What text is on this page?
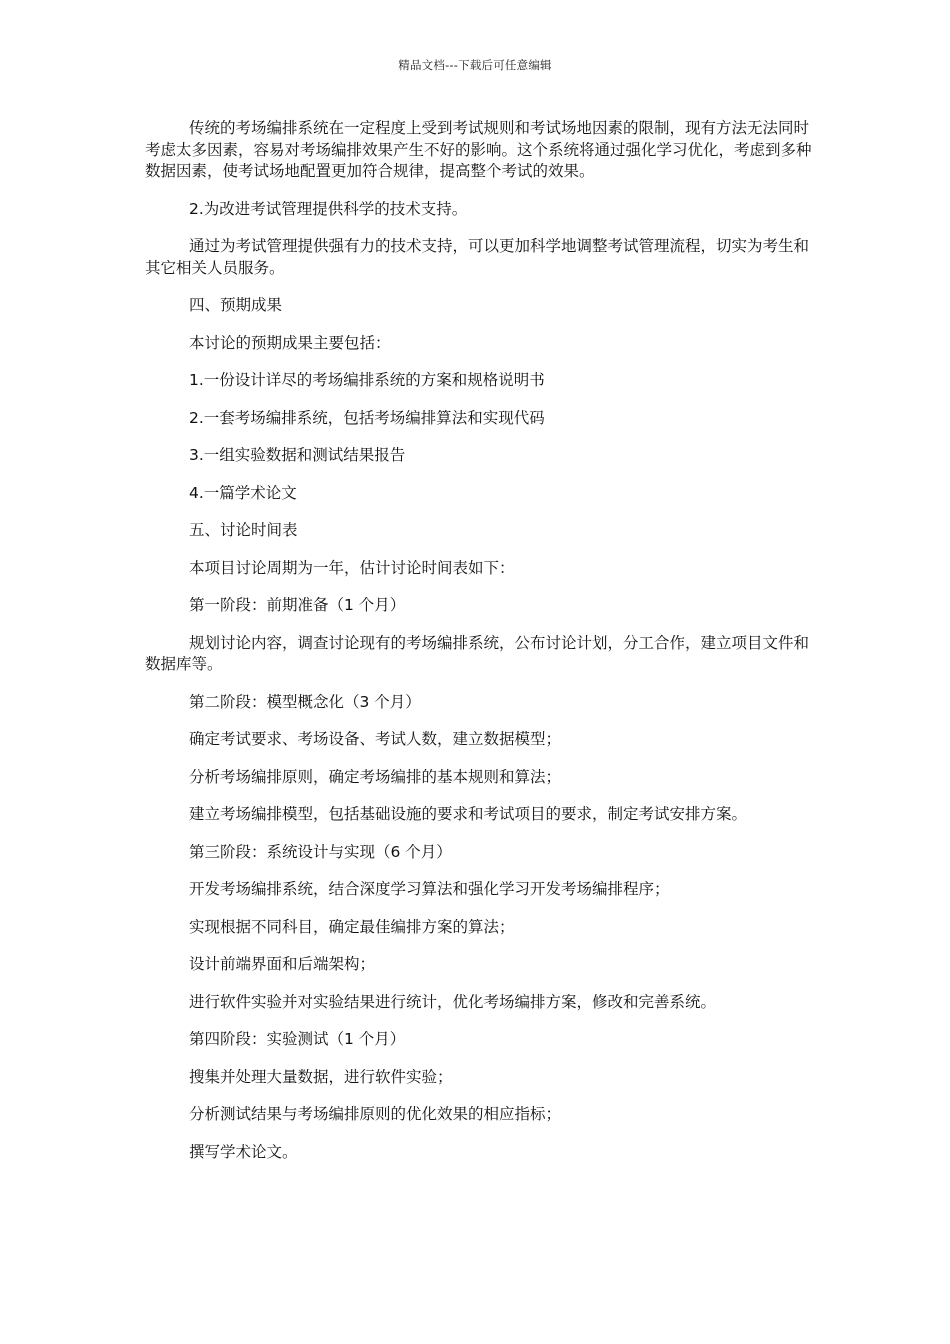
精品文档---下载后可任意编辑

传统的考场编排系统在一定程度上受到考试规则和考试场地因素的限制，现有方法无法同时考虑太多因素，容易对考场编排效果产生不好的影响。这个系统将通过强化学习优化，考虑到多种数据因素，使考试场地配置更加符合规律，提高整个考试的效果。

2.为改进考试管理提供科学的技术支持。

通过为考试管理提供强有力的技术支持，可以更加科学地调整考试管理流程，切实为考生和其它相关人员服务。

四、预期成果

本讨论的预期成果主要包括：

1.一份设计详尽的考场编排系统的方案和规格说明书

2.一套考场编排系统，包括考场编排算法和实现代码

3.一组实验数据和测试结果报告

4.一篇学术论文

五、讨论时间表

本项目讨论周期为一年，估计讨论时间表如下：

第一阶段：前期准备（1 个月）

规划讨论内容，调查讨论现有的考场编排系统，公布讨论计划，分工合作，建立项目文件和数据库等。

第二阶段：模型概念化（3 个月）

确定考试要求、考场设备、考试人数，建立数据模型；

分析考场编排原则，确定考场编排的基本规则和算法；

建立考场编排模型，包括基础设施的要求和考试项目的要求，制定考试安排方案。

第三阶段：系统设计与实现（6 个月）

开发考场编排系统，结合深度学习算法和强化学习开发考场编排程序；

实现根据不同科目，确定最佳编排方案的算法；

设计前端界面和后端架构；

进行软件实验并对实验结果进行统计，优化考场编排方案，修改和完善系统。

第四阶段：实验测试（1 个月）

搜集并处理大量数据，进行软件实验；

分析测试结果与考场编排原则的优化效果的相应指标；

撰写学术论文。
